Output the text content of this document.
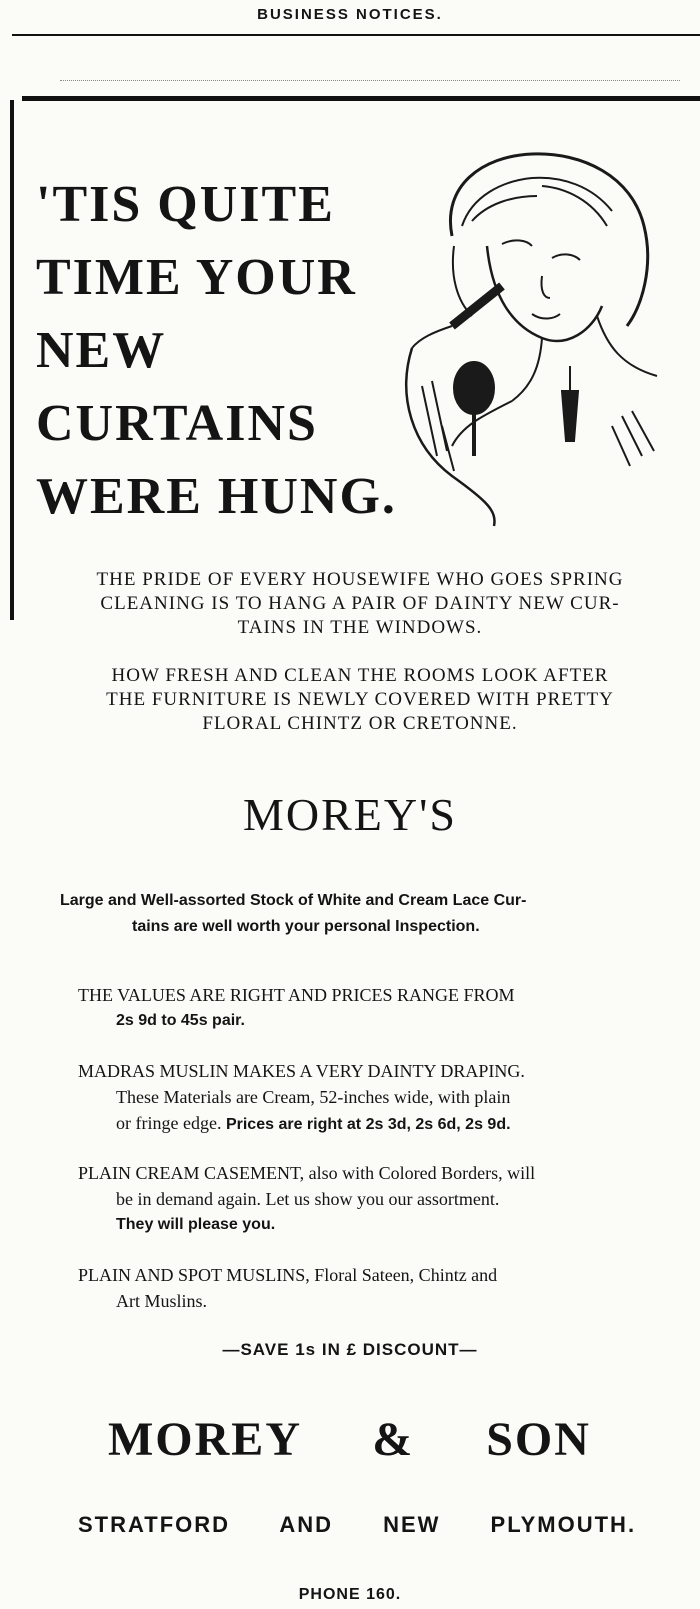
BUSINESS NOTICES.
'TIS QUITE
TIME YOUR
NEW
CURTAINS
WERE HUNG.
THE PRIDE OF EVERY HOUSEWIFE WHO GOES SPRING
CLEANING IS TO HANG A PAIR OF DAINTY NEW CUR-
TAINS IN THE WINDOWS.
HOW FRESH AND CLEAN THE ROOMS LOOK AFTER
THE FURNITURE IS NEWLY COVERED WITH PRETTY
FLORAL CHINTZ OR CRETONNE.
MOREY'S
Large and Well-assorted Stock of White and Cream Lace Cur-
tains are well worth your personal Inspection.
THE VALUES ARE RIGHT AND PRICES RANGE FROM
2s 9d to 45s pair.
MADRAS MUSLIN MAKES A VERY DAINTY DRAPING.
These Materials are Cream, 52-inches wide, with plain
or fringe edge. Prices are right at 2s 3d, 2s 6d, 2s 9d.
PLAIN CREAM CASEMENT, also with Colored Borders, will
be in demand again. Let us show you our assortment.
They will please you.
PLAIN AND SPOT MUSLINS, Floral Sateen, Chintz and
Art Muslins.
—SAVE 1s IN £ DISCOUNT—
MOREY & SON
STRATFORD AND NEW PLYMOUTH.
PHONE 160.
